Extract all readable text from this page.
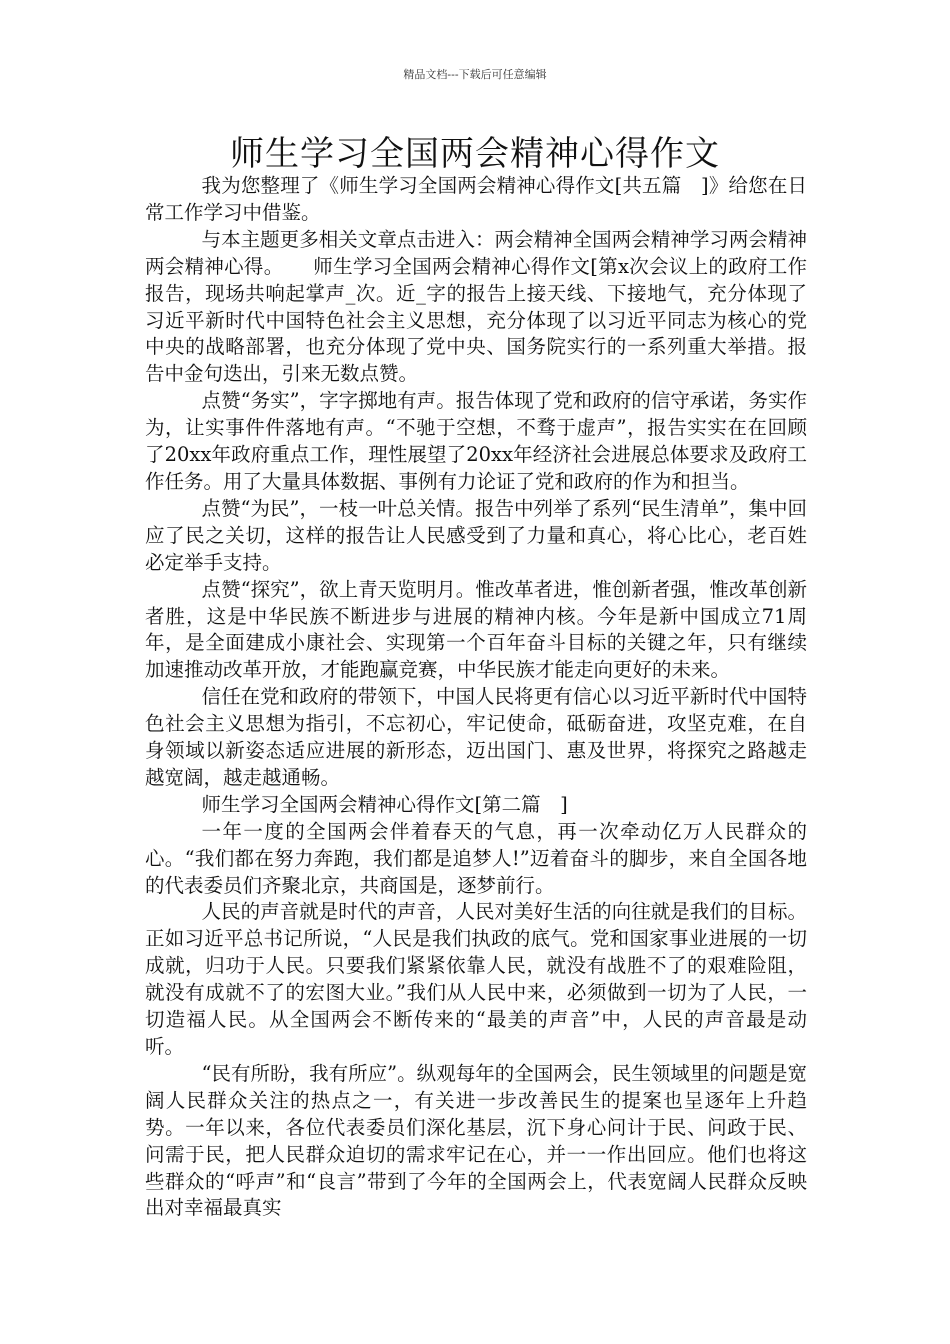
精品文档---下载后可任意编辑
师生学习全国两会精神心得作文

我为您整理了《师生学习全国两会精神心得作文[共五篇　]》给您在日常工作学习中借鉴。

与本主题更多相关文章点击进入：两会精神全国两会精神学习两会精神两会精神心得。　　师生学习全国两会精神心得作文[第x次会议上的政府工作报告，现场共响起掌声_次。近_字的报告上接天线、下接地气，充分体现了习近平新时代中国特色社会主义思想，充分体现了以习近平同志为核心的党中央的战略部署，也充分体现了党中央、国务院实行的一系列重大举措。报告中金句迭出，引来无数点赞。

点赞“务实”，字字掷地有声。报告体现了党和政府的信守承诺，务实作为，让实事件件落地有声。“不驰于空想，不骛于虚声”，报告实实在在回顾了20xx年政府重点工作，理性展望了20xx年经济社会进展总体要求及政府工作任务。用了大量具体数据、事例有力论证了党和政府的作为和担当。

点赞“为民”，一枝一叶总关情。报告中列举了系列“民生清单”，集中回应了民之关切，这样的报告让人民感受到了力量和真心，将心比心，老百姓必定举手支持。

点赞“探究”，欲上青天览明月。惟改革者进，惟创新者强，惟改革创新者胜，这是中华民族不断进步与进展的精神内核。今年是新中国成立71周年，是全面建成小康社会、实现第一个百年奋斗目标的关键之年，只有继续加速推动改革开放，才能跑赢竞赛，中华民族才能走向更好的未来。

信任在党和政府的带领下，中国人民将更有信心以习近平新时代中国特色社会主义思想为指引，不忘初心，牢记使命，砥砺奋进，攻坚克难，在自身领域以新姿态适应进展的新形态，迈出国门、惠及世界，将探究之路越走越宽阔，越走越通畅。

师生学习全国两会精神心得作文[第二篇　]

一年一度的全国两会伴着春天的气息，再一次牵动亿万人民群众的心。“我们都在努力奔跑，我们都是追梦人!”迈着奋斗的脚步，来自全国各地的代表委员们齐聚北京，共商国是，逐梦前行。

人民的声音就是时代的声音，人民对美好生活的向往就是我们的目标。正如习近平总书记所说，“人民是我们执政的底气。党和国家事业进展的一切成就，归功于人民。只要我们紧紧依靠人民，就没有战胜不了的艰难险阻，就没有成就不了的宏图大业。”我们从人民中来，必须做到一切为了人民，一切造福人民。从全国两会不断传来的“最美的声音”中，人民的声音最是动听。

“民有所盼，我有所应”。纵观每年的全国两会，民生领域里的问题是宽阔人民群众关注的热点之一，有关进一步改善民生的提案也呈逐年上升趋势。一年以来，各位代表委员们深化基层，沉下身心问计于民、问政于民、问需于民，把人民群众迫切的需求牢记在心，并一一作出回应。他们也将这些群众的“呼声”和“良言”带到了今年的全国两会上，代表宽阔人民群众反映出对幸福最真实
